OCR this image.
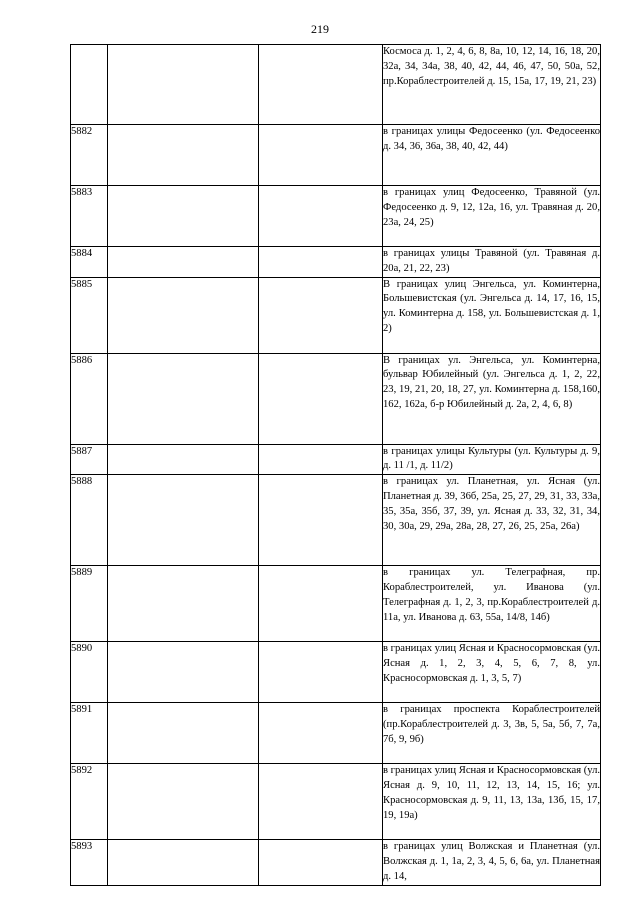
219
			Космоса д. 1, 2, 4, 6, 8, 8а, 10, 12, 14, 16, 18, 20, 32а, 34, 34а, 38, 40, 42, 44, 46, 47, 50, 50а, 52, пр.Кораблестроителей д. 15, 15а, 17, 19, 21, 23)

5882			в границах улицы Федосеенко (ул. Федосеенко д. 34, 36, 36а, 38, 40, 42, 44)

5883			в границах улиц Федосеенко, Травяной (ул. Федосеенко д. 9, 12, 12а, 16, ул. Травяная д. 20, 23а, 24, 25)

5884			в границах улицы Травяной (ул. Травяная д. 20а, 21, 22, 23)

5885			В границах улиц Энгельса, ул. Коминтерна, Большевистская (ул. Энгельса д. 14, 17, 16, 15, ул. Коминтерна д. 158, ул. Большевистская д. 1, 2)

5886			В границах ул. Энгельса, ул. Коминтерна, бульвар Юбилейный (ул. Энгельса д. 1, 2, 22, 23, 19, 21, 20, 18, 27, ул. Коминтерна д. 158,160, 162, 162а, б-р Юбилейный д. 2а, 2, 4, 6, 8)

5887			в границах улицы Культуры (ул. Культуры д. 9, д. 11 /1, д. 11/2)

5888			в границах ул. Планетная, ул. Ясная (ул. Планетная д. 39, 36б, 25а, 25, 27, 29, 31, 33, 33а, 35, 35а, 35б, 37, 39, ул. Ясная д. 33, 32, 31, 34, 30, 30а, 29, 29а, 28а, 28, 27, 26, 25, 25а, 26а)

5889			в границах ул. Телеграфная, пр. Кораблестроителей, ул. Иванова (ул. Телеграфная д. 1, 2, 3, пр.Кораблестроителей д. 11а, ул. Иванова д. 63, 55а, 14/8, 14б)

5890			в границах улиц Ясная и Красносормовская (ул. Ясная д. 1, 2, 3, 4, 5, 6, 7, 8, ул. Красносормовская д. 1, 3, 5, 7)

5891			в границах проспекта Кораблестроителей (пр.Кораблестроителей д. 3, 3в, 5, 5а, 5б, 7, 7а, 7б, 9, 9б)

5892			в границах улиц Ясная и Красносормовская (ул. Ясная д. 9, 10, 11, 12, 13, 14, 15, 16; ул. Красносормовская д. 9, 11, 13, 13а, 13б, 15, 17, 19, 19а)

5893			в границах улиц Волжская и Планетная (ул. Волжская д. 1, 1а, 2, 3, 4, 5, 6, 6а, ул. Планетная д. 14,
